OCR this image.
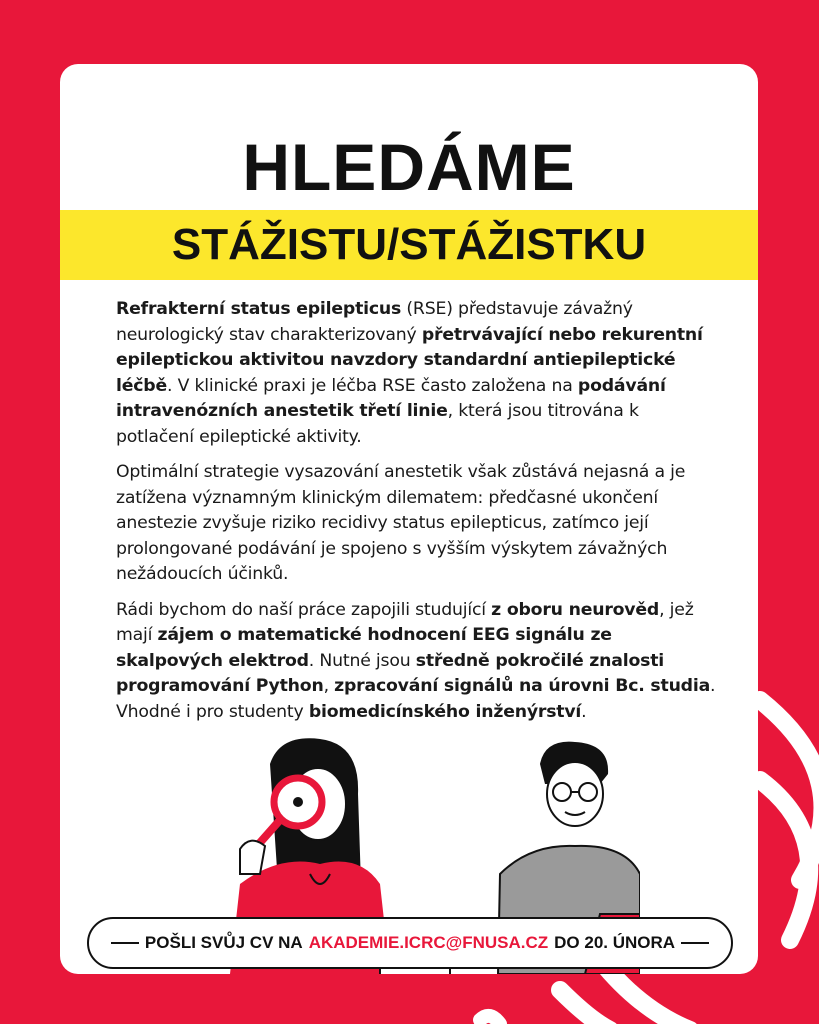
HLEDÁME
STÁŽISTU/STÁŽISTKU

Refrakterní status epilepticus (RSE) představuje závažný neurologický stav charakterizovaný přetrvávající nebo rekurentní epileptickou aktivitou navzdory standardní antiepileptické léčbě. V klinické praxi je léčba RSE často založena na podávání intravenózních anestetik třetí linie, která jsou titrována k potlačení epileptické aktivity.

Optimální strategie vysazování anestetik však zůstává nejasná a je zatížena významným klinickým dilematem: předčasné ukončení anestezie zvyšuje riziko recidivy status epilepticus, zatímco její prolongované podávání je spojeno s vyšším výskytem závažných nežádoucích účinků.

Rádi bychom do naší práce zapojili studující z oboru neurověd, jež mají zájem o matematické hodnocení EEG signálu ze skalpových elektrod. Nutné jsou středně pokročilé znalosti programování Python, zpracování signálů na úrovni Bc. studia. Vhodné i pro studenty biomedicínského inženýrství.

POŠLI SVŮJ CV NA AKADEMIE.ICRC@FNUSA.CZ DO 20. ÚNORA
